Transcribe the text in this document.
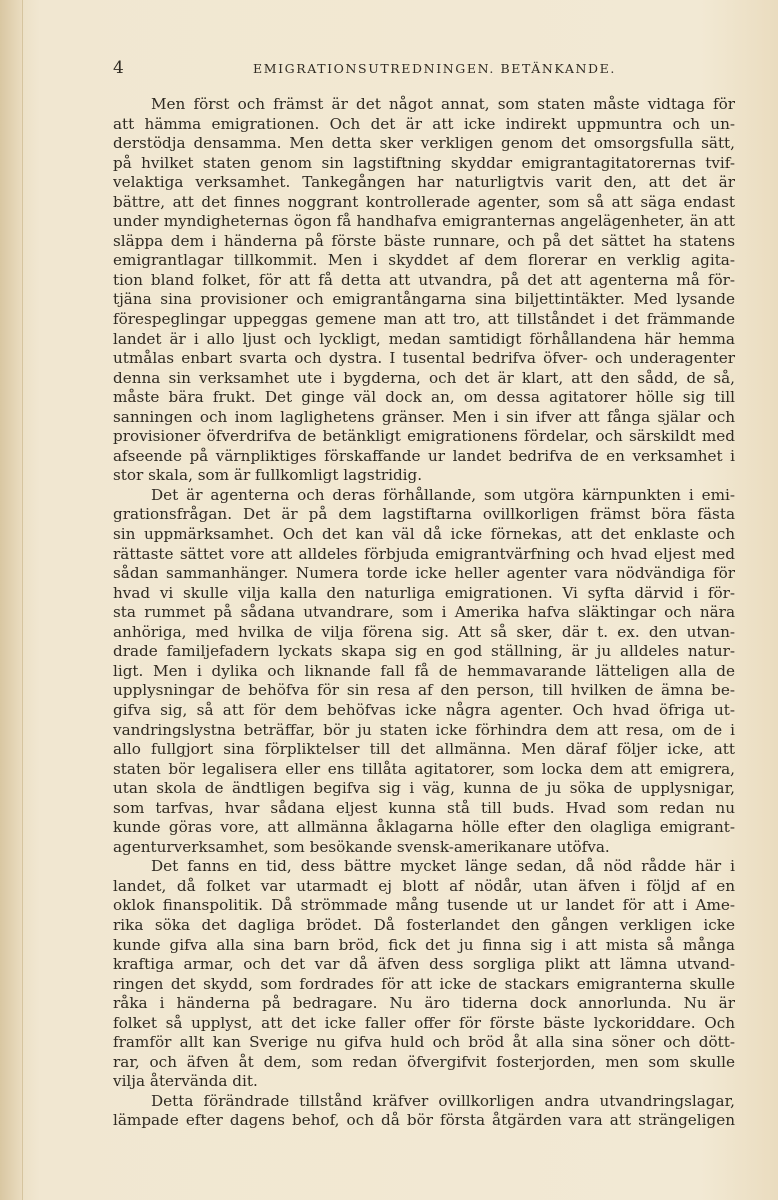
4	EMIGRATIONSUTREDNINGEN. BETÄNKANDE.
Men först och främst är det något annat, som staten måste vidtaga för
att hämma emigrationen. Och det är att icke indirekt uppmuntra och un-
derstödja densamma. Men detta sker verkligen genom det omsorgsfulla sätt,
på hvilket staten genom sin lagstiftning skyddar emigrantagitatorernas tvif-
velaktiga verksamhet. Tankegången har naturligtvis varit den, att det är
bättre, att det finnes noggrant kontrollerade agenter, som så att säga endast
under myndigheternas ögon få handhafva emigranternas angelägenheter, än att
släppa dem i händerna på förste bäste runnare, och på det sättet ha statens
emigrantlagar tillkommit. Men i skyddet af dem florerar en verklig agita-
tion bland folket, för att få detta att utvandra, på det att agenterna må för-
tjäna sina provisioner och emigrantångarna sina biljettintäkter. Med lysande
förespeglingar uppeggas gemene man att tro, att tillståndet i det främmande
landet är i allo ljust och lyckligt, medan samtidigt förhållandena här hemma
utmålas enbart svarta och dystra. I tusental bedrifva öfver- och underagenter
denna sin verksamhet ute i bygderna, och det är klart, att den sådd, de så,
måste bära frukt. Det ginge väl dock an, om dessa agitatorer hölle sig till
sanningen och inom laglighetens gränser. Men i sin ifver att fånga själar och
provisioner öfverdrifva de betänkligt emigrationens fördelar, och särskildt med
afseende på värnpliktiges förskaffande ur landet bedrifva de en verksamhet i
stor skala, som är fullkomligt lagstridig.
Det är agenterna och deras förhållande, som utgöra kärnpunkten i emi-
grationsfrågan. Det är på dem lagstiftarna ovillkorligen främst böra fästa
sin uppmärksamhet. Och det kan väl då icke förnekas, att det enklaste och
rättaste sättet vore att alldeles förbjuda emigrantvärfning och hvad eljest med
sådan sammanhänger. Numera torde icke heller agenter vara nödvändiga för
hvad vi skulle vilja kalla den naturliga emigrationen. Vi syfta därvid i för-
sta rummet på sådana utvandrare, som i Amerika hafva släktingar och nära
anhöriga, med hvilka de vilja förena sig. Att så sker, där t. ex. den utvan-
drade familjefadern lyckats skapa sig en god ställning, är ju alldeles natur-
ligt. Men i dylika och liknande fall få de hemmavarande lätteligen alla de
upplysningar de behöfva för sin resa af den person, till hvilken de ämna be-
gifva sig, så att för dem behöfvas icke några agenter. Och hvad öfriga ut-
vandringslystna beträffar, bör ju staten icke förhindra dem att resa, om de i
allo fullgjort sina förpliktelser till det allmänna. Men däraf följer icke, att
staten bör legalisera eller ens tillåta agitatorer, som locka dem att emigrera,
utan skola de ändtligen begifva sig i väg, kunna de ju söka de upplysnigar,
som tarfvas, hvar sådana eljest kunna stå till buds. Hvad som redan nu
kunde göras vore, att allmänna åklagarna hölle efter den olagliga emigrant-
agenturverksamhet, som besökande svensk-amerikanare utöfva.
Det fanns en tid, dess bättre mycket länge sedan, då nöd rådde här i
landet, då folket var utarmadt ej blott af nödår, utan äfven i följd af en
oklok finanspolitik. Då strömmade mång tusende ut ur landet för att i Ame-
rika söka det dagliga brödet. Då fosterlandet den gången verkligen icke
kunde gifva alla sina barn bröd, fick det ju finna sig i att mista så många
kraftiga armar, och det var då äfven dess sorgliga plikt att lämna utvand-
ringen det skydd, som fordrades för att icke de stackars emigranterna skulle
råka i händerna på bedragare. Nu äro tiderna dock annorlunda. Nu är
folket så upplyst, att det icke faller offer för förste bäste lyckoriddare. Och
framför allt kan Sverige nu gifva huld och bröd åt alla sina söner och dött-
rar, och äfven åt dem, som redan öfvergifvit fosterjorden, men som skulle
vilja återvända dit.
Detta förändrade tillstånd kräfver ovillkorligen andra utvandringslagar,
lämpade efter dagens behof, och då bör första åtgärden vara att strängeligen
